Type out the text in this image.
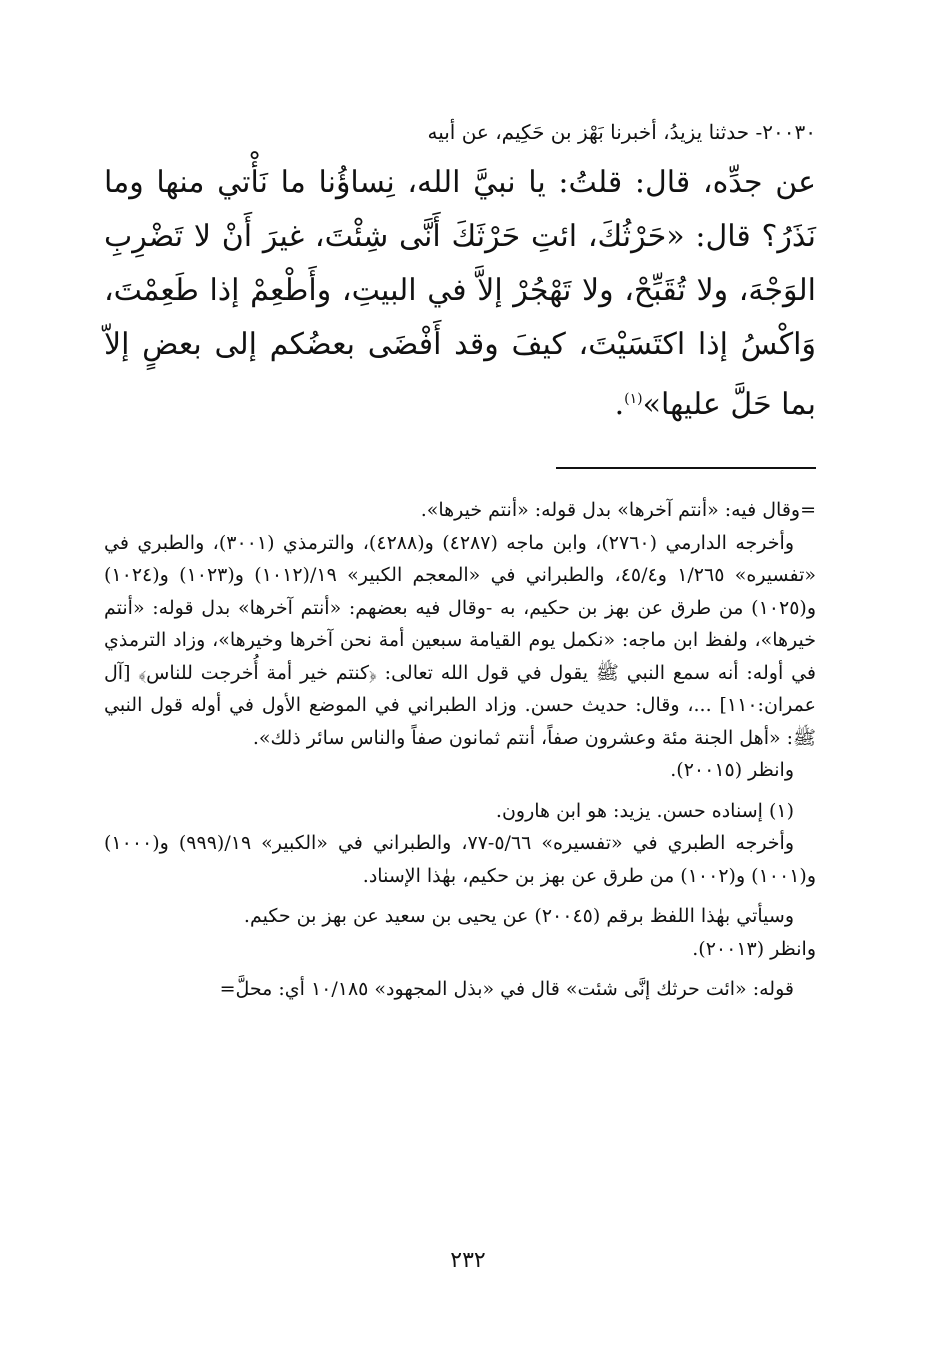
٢٠٠٣٠- حدثنا يزيدُ، أخبرنا بَهْز بن حَكِيم، عن أبيه

عن جدِّه، قال: قلتُ: يا نبيَّ الله، نِساؤُنا ما نَأْتي منها وما نَذَرُ؟ قال: «حَرْثُكَ، ائتِ حَرْثَكَ أَنَّى شِئْتَ، غيرَ أَنْ لا تَضْرِبِ الوَجْهَ، ولا تُقَبِّحْ، ولا تَهْجُرْ إلاَّ في البيتِ، وأَطْعِمْ إذا طَعِمْتَ، وَاكْسُ إذا اكتَسَيْتَ، كيفَ وقد أَفْضَى بعضُكم إلى بعضٍ إلاّ بما حَلَّ عليها»$^{(١)}$.

=وقال فيه: «أنتم آخرها» بدل قوله: «أنتم خيرها».

وأخرجه الدارمي (٢٧٦٠)، وابن ماجه (٤٢٨٧) و(٤٢٨٨)، والترمذي (٣٠٠١)، والطبري في «تفسيره» ١/٢٦٥ و٤٥/٤، والطبراني في «المعجم الكبير» ١٩/(١٠١٢) و(١٠٢٣) و(١٠٢٤) و(١٠٢٥) من طرق عن بهز بن حكيم، به -وقال فيه بعضهم: «أنتم آخرها» بدل قوله: «أنتم خيرها»، ولفظ ابن ماجه: «نكمل يوم القيامة سبعين أمة نحن آخرها وخيرها»، وزاد الترمذي في أوله: أنه سمع النبي ﷺ يقول في قول الله تعالى: ﴿كنتم خير أمة أُخرجت للناس﴾ [آل عمران:١١٠] ...، وقال: حديث حسن. وزاد الطبراني في الموضع الأول في أوله قول النبي ﷺ: «أهل الجنة مئة وعشرون صفاً، أنتم ثمانون صفاً والناس سائر ذلك».

وانظر (٢٠٠١٥).

(١) إسناده حسن. يزيد: هو ابن هارون.

وأخرجه الطبري في «تفسيره» ٥/٦٦-٧٧، والطبراني في «الكبير» ١٩/(٩٩٩) و(١٠٠٠) و(١٠٠١) و(١٠٠٢) من طرق عن بهز بن حكيم، بهٰذا الإسناد.

وسيأتي بهٰذا اللفظ برقم (٢٠٠٤٥) عن يحيى بن سعيد عن بهز بن حكيم.

وانظر (٢٠٠١٣).

قوله: «ائت حرثك إنَّى شئت» قال في «بذل المجهود» ١٠/١٨٥ أي: محلَّ=

٢٣٢
